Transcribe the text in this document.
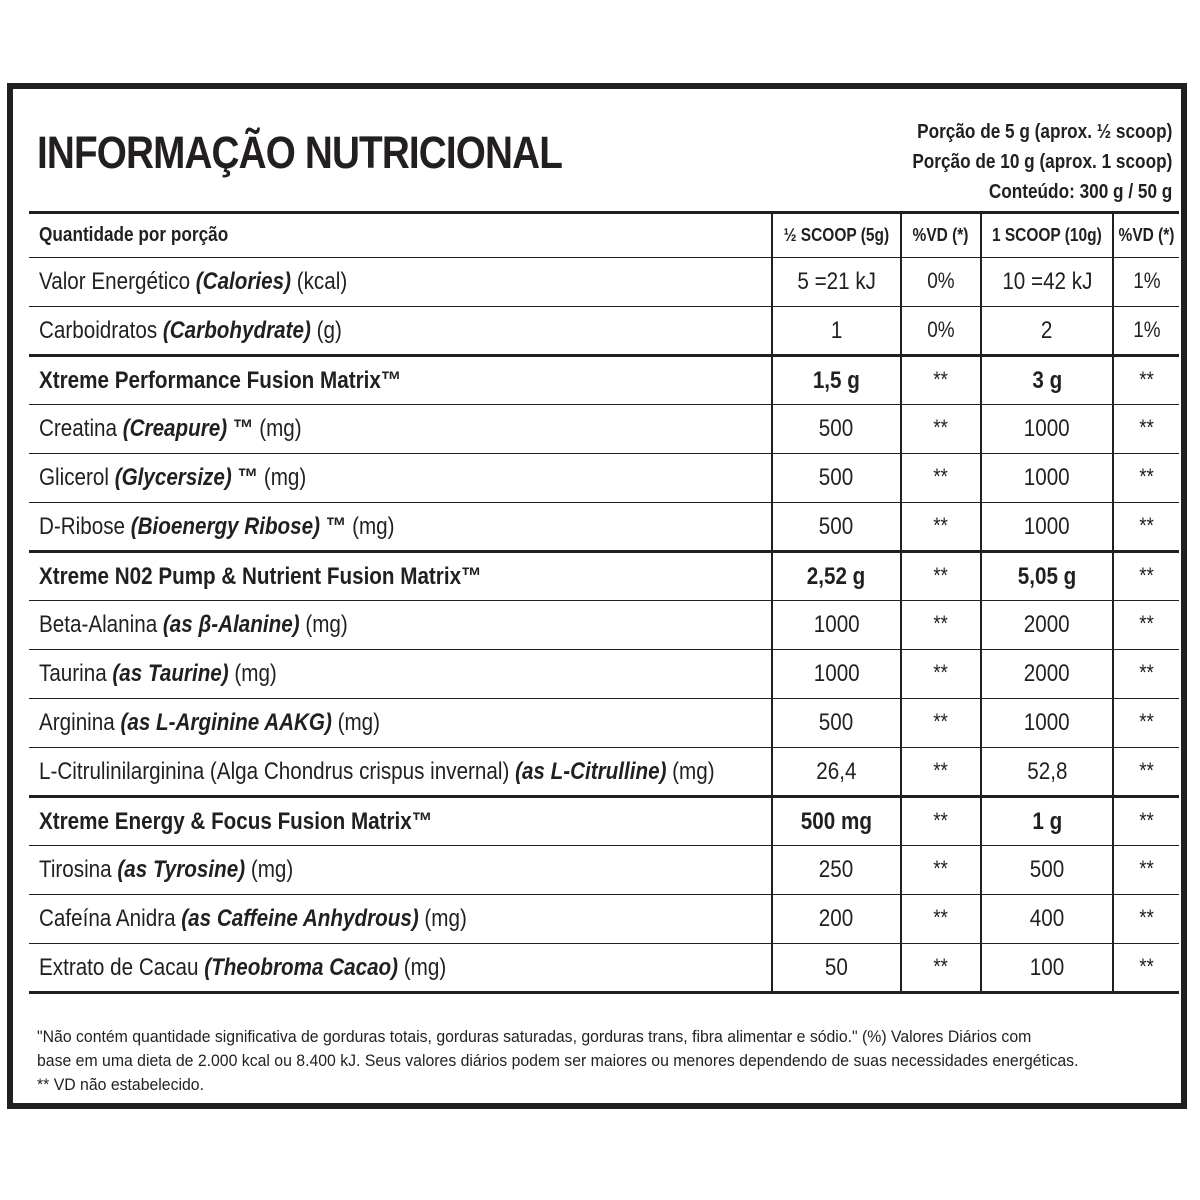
INFORMAÇÃO NUTRICIONAL	Porção de 5 g (aprox. ½ scoop)
Porção de 10 g (aprox. 1 scoop)
Conteúdo: 300 g / 50 g
Quantidade por porção	½ SCOOP (5g)	%VD (*)	1 SCOOP (10g)	%VD (*)
Valor Energético (Calories) (kcal)	5 =21 kJ	0%	10 =42 kJ	1%
Carboidratos (Carbohydrate) (g)	1	0%	2	1%
Xtreme Performance Fusion Matrix™	1,5 g	**	3 g	**
Creatina (Creapure) ™ (mg)	500	**	1000	**
Glicerol (Glycersize) ™ (mg)	500	**	1000	**
D-Ribose (Bioenergy Ribose) ™ (mg)	500	**	1000	**
Xtreme N02 Pump & Nutrient Fusion Matrix™	2,52 g	**	5,05 g	**
Beta-Alanina (as β-Alanine) (mg)	1000	**	2000	**
Taurina (as Taurine) (mg)	1000	**	2000	**
Arginina (as L-Arginine AAKG) (mg)	500	**	1000	**
L-Citrulinilarginina (Alga Chondrus crispus invernal) (as L-Citrulline) (mg)	26,4	**	52,8	**
Xtreme Energy & Focus Fusion Matrix™	500 mg	**	1 g	**
Tirosina (as Tyrosine) (mg)	250	**	500	**
Cafeína Anidra (as Caffeine Anhydrous) (mg)	200	**	400	**
Extrato de Cacau (Theobroma Cacao) (mg)	50	**	100	**
"Não contém quantidade significativa de gorduras totais, gorduras saturadas, gorduras trans, fibra alimentar e sódio." (%) Valores Diários com
base em uma dieta de 2.000 kcal ou 8.400 kJ. Seus valores diários podem ser maiores ou menores dependendo de suas necessidades energéticas.
** VD não estabelecido.
